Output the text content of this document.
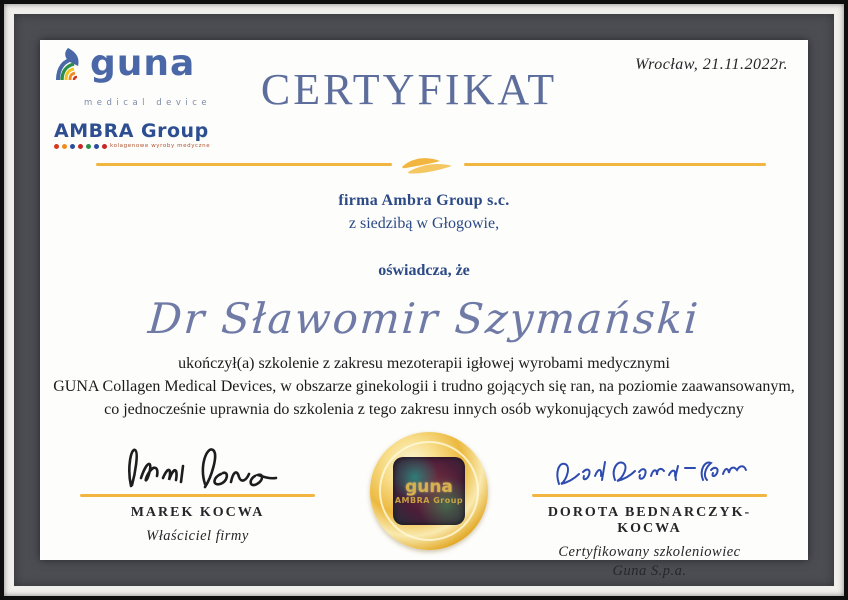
guna
medical device
AMBRA Group
kolagenowe wyroby medyczne
Wrocław, 21.11.2022r.
CERTYFIKAT
firma Ambra Group s.c.
z siedzibą w Głogowie,
oświadcza, że
Dr Sławomir Szymański
ukończył(a) szkolenie z zakresu mezoterapii igłowej wyrobami medycznymi
GUNA Collagen Medical Devices, w obszarze ginekologii i trudno gojących się ran, na poziomie zaawansowanym,
co jednocześnie uprawnia do szkolenia z tego zakresu innych osób wykonujących zawód medyczny
MAREK KOCWA
Właściciel firmy
guna
AMBRA Group
DOROTA BEDNARCZYK-KOCWA
Certyfikowany szkoleniowiec
Guna S.p.a.
